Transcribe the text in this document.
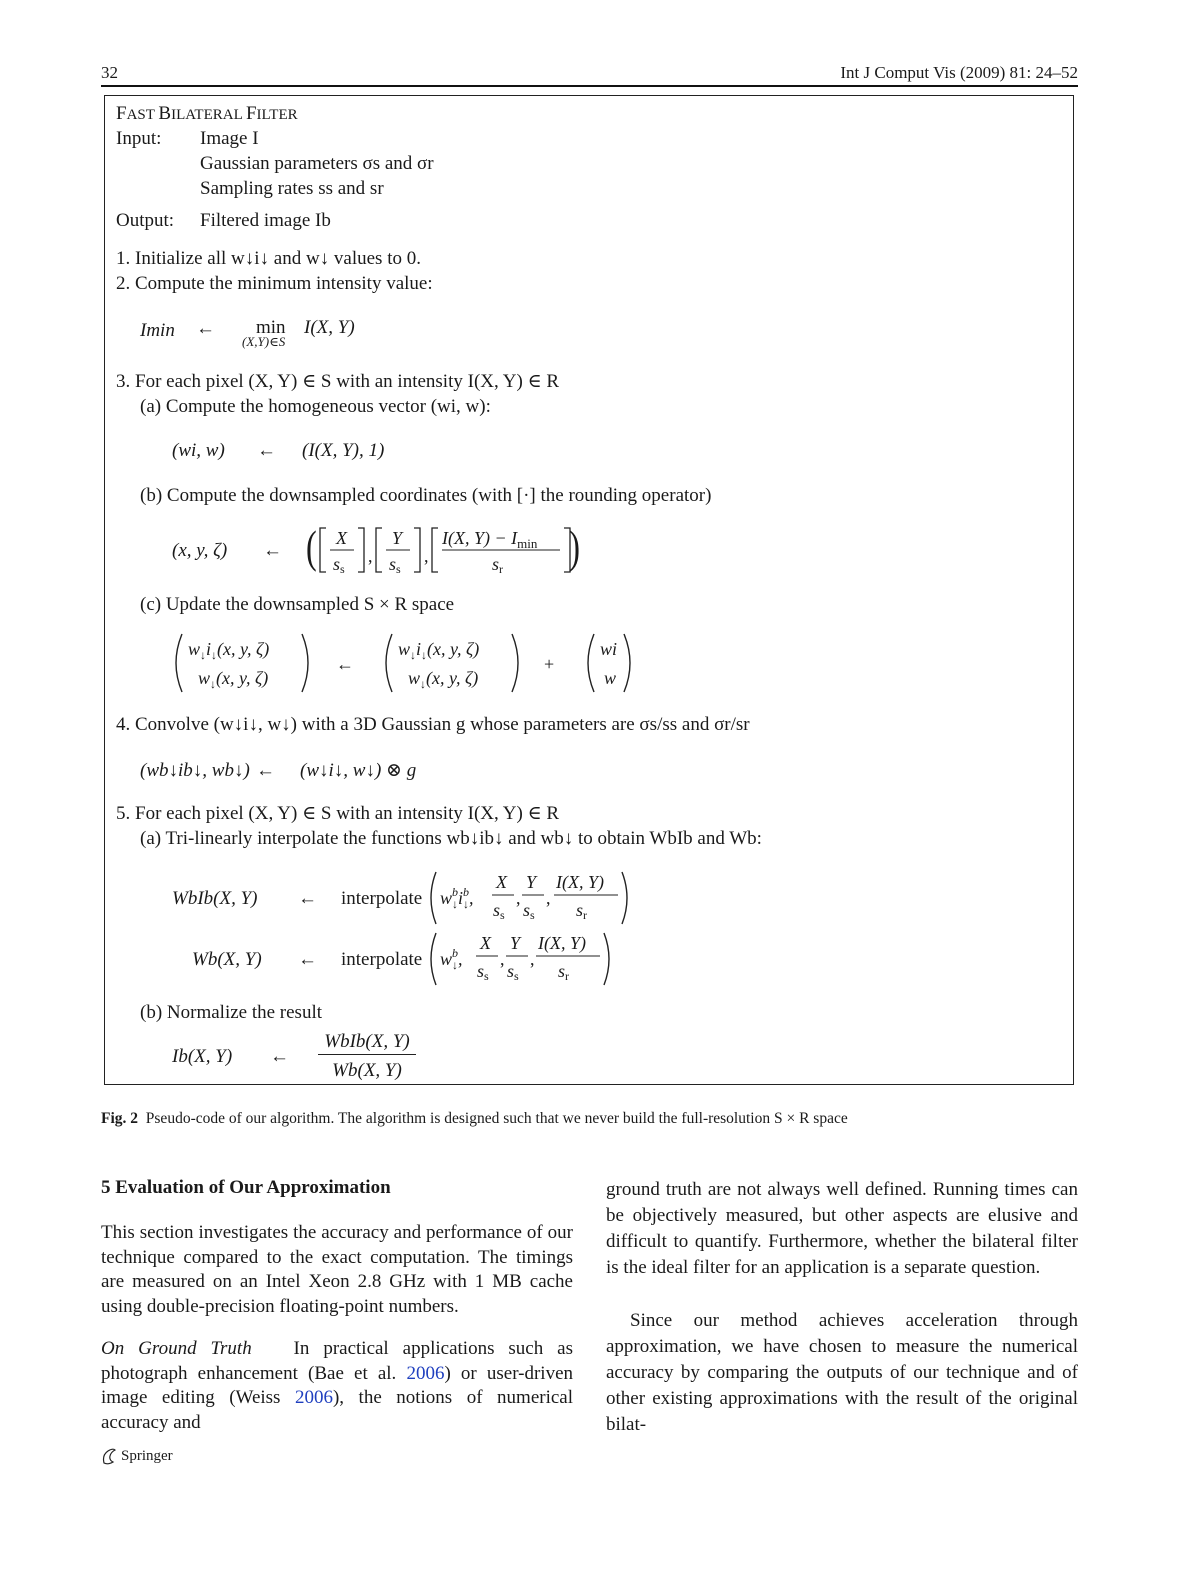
32	Int J Comput Vis (2009) 81: 24–52
FAST BILATERAL FILTER
Input: Image I
Gaussian parameters σs and σr
Sampling rates ss and sr
Output: Filtered image Ib
1. Initialize all w↓i↓ and w↓ values to 0.
2. Compute the minimum intensity value:
Imin ← min
(X,Y)∈S
I(X, Y)
3. For each pixel (X, Y) ∈ S with an intensity I(X, Y) ∈ R
(a) Compute the homogeneous vector (wi, w):
(wi, w) ← (I(X, Y), 1)
(b) Compute the downsampled coordinates (with [·] the rounding operator)
(x, y, ζ) ← ( X
ss
,
Y
ss
,
I(X, $Y) - I_{min}$
sr )
(c) Update the downsampled S × R space
$w_↓i_↓(x$, y, ζ)
$w_↓(x$, y, ζ)
←
$w_↓i_↓(x$, y, ζ)
$w_↓(x$, y, ζ)
+
wi
w
4. Convolve (w↓i↓, w↓) with a 3D Gaussian g whose parameters are σs/ss and σr/sr
(wb↓ib↓, wb↓) ← (w↓i↓, w↓) ⊗ g
5. For each pixel (X, Y) ∈ S with an intensity I(X, Y) ∈ R
(a) Tri-linearly interpolate the functions wb↓ib↓ and wb↓ to obtain WbIb and Wb:
WbIb(X, Y) ← interpolate $w_↓bi_↓b$,
X
ss
,
Y
ss
,
I(X, Y)
sr
Wb(X, Y) ← interpolate $w_↓b$,
X
ss
,
Y
ss
,
I(X, Y)
sr
(b) Normalize the result
Ib(X, Y) ←
WbIb(X, Y)
Wb(X, Y)
Fig. 2 Pseudo-code of our algorithm. The algorithm is designed such that we never build the full-resolution S × R space
5 Evaluation of Our Approximation
This section investigates the accuracy and performance of our technique compared to the exact computation. The timings are measured on an Intel Xeon 2.8 GHz with 1 MB cache using double-precision floating-point numbers.
On Ground Truth In practical applications such as photograph enhancement (Bae et al. 2006) or user-driven image editing (Weiss 2006), the notions of numerical accuracy and
ground truth are not always well defined. Running times can be objectively measured, but other aspects are elusive and difficult to quantify. Furthermore, whether the bilateral filter is the ideal filter for an application is a separate question.
Since our method achieves acceleration through approximation, we have chosen to measure the numerical accuracy by comparing the outputs of our technique and of other existing approximations with the result of the original bilat-
Springer
